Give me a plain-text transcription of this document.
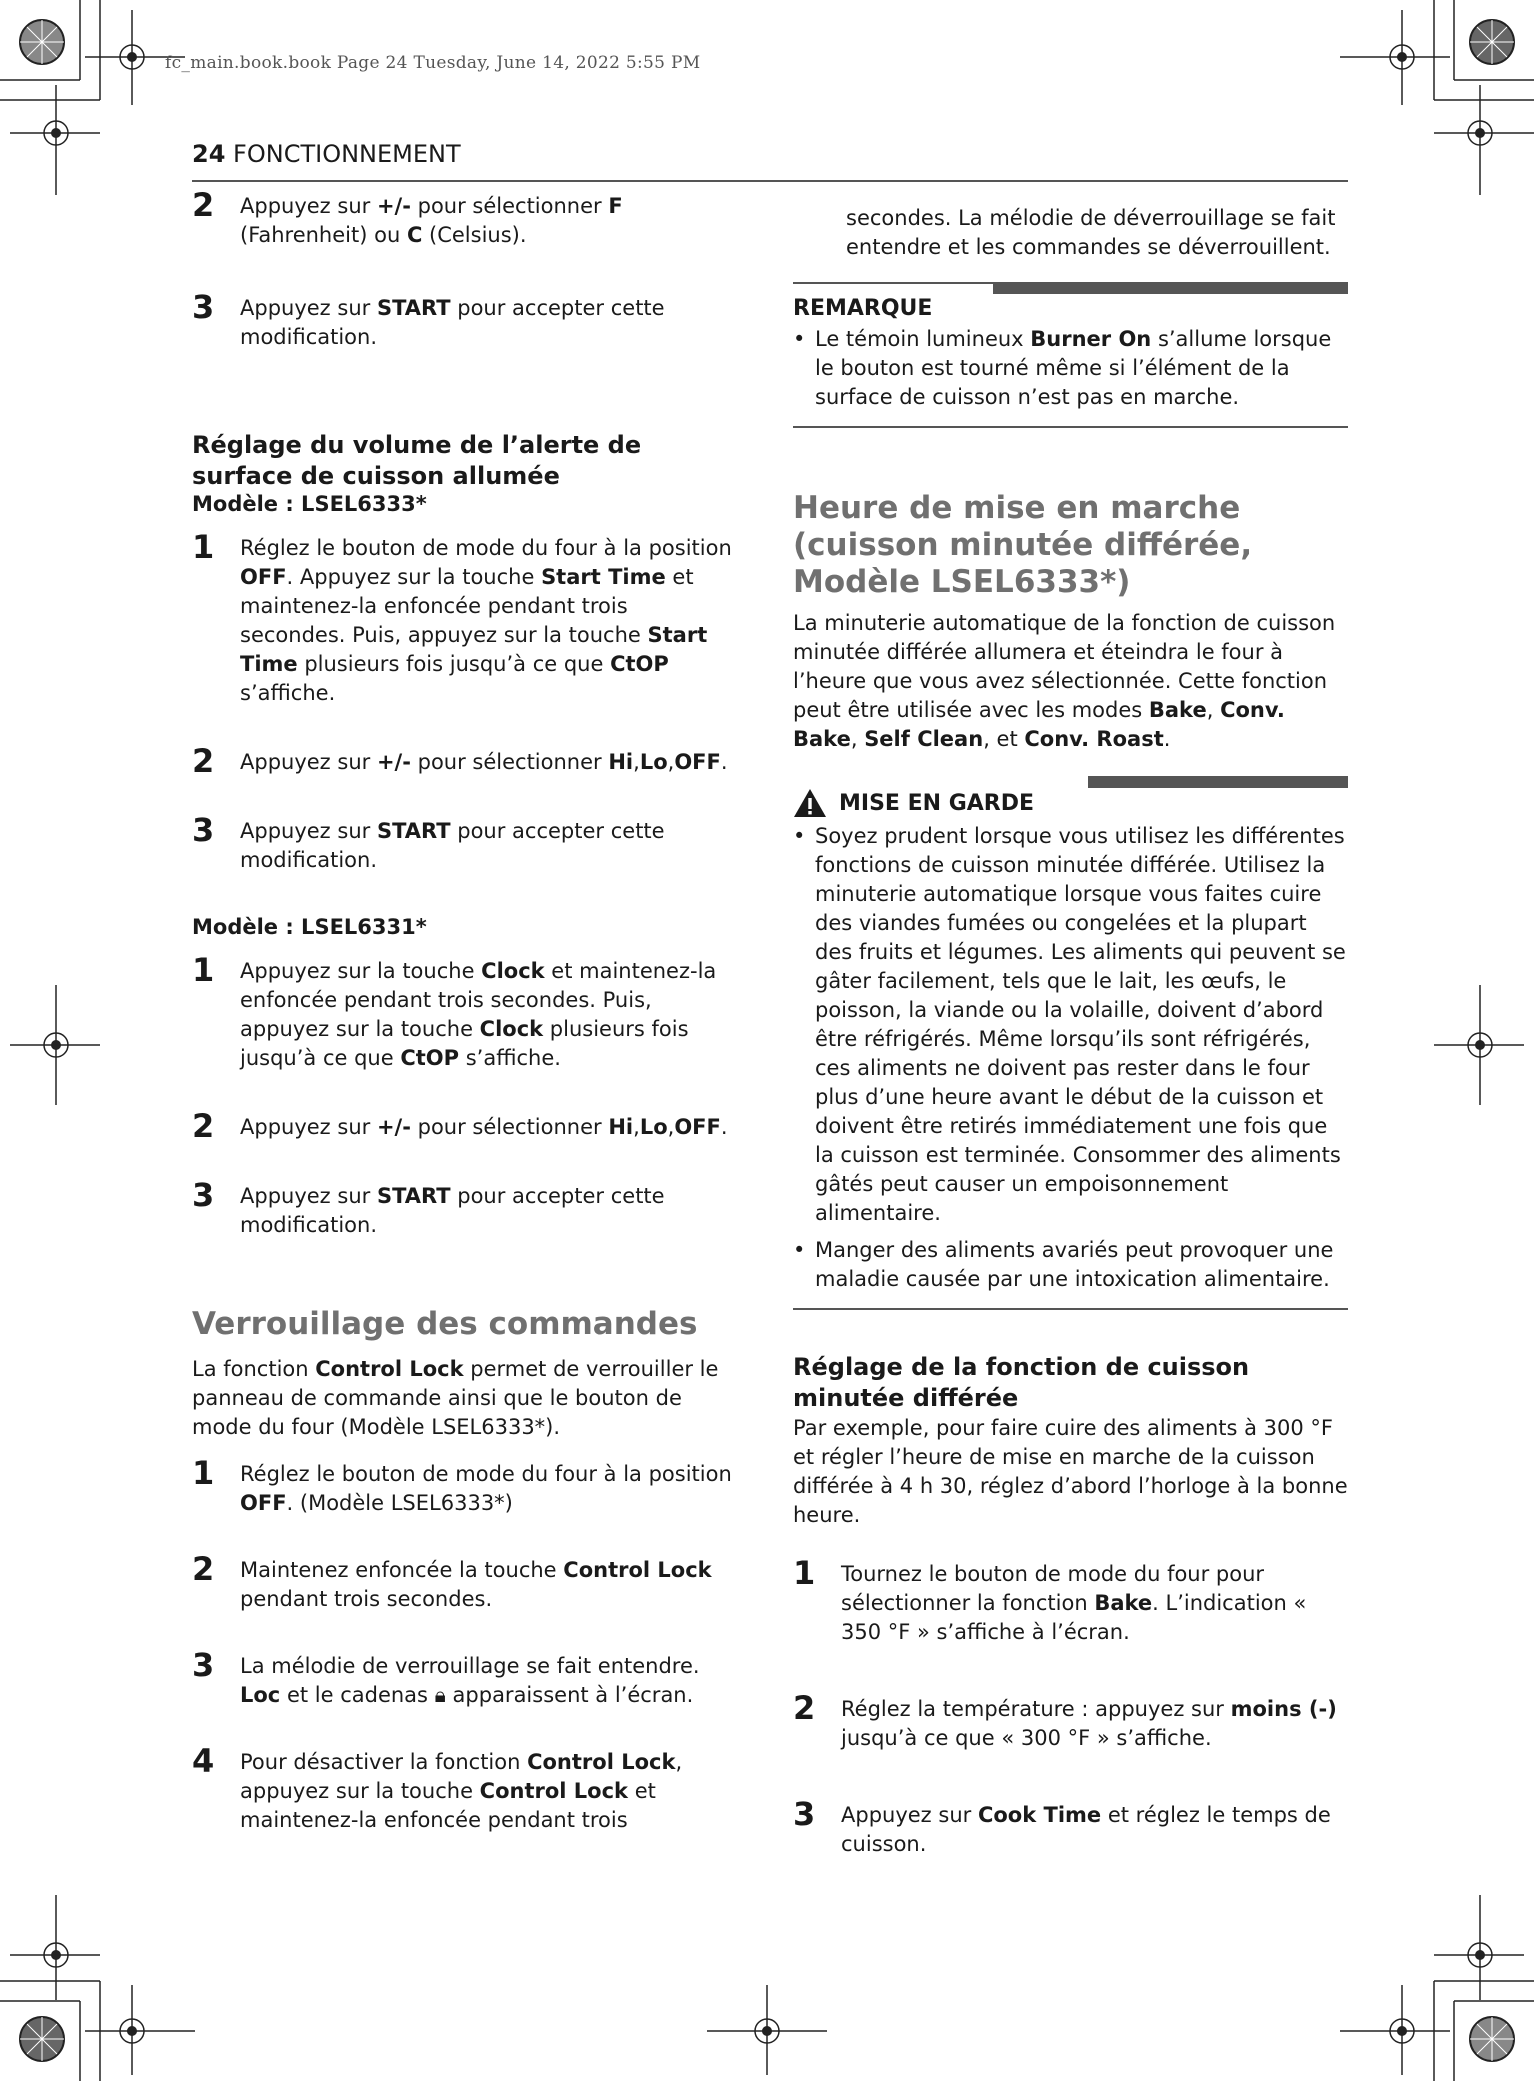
fc_main.book.book Page 24 Tuesday, June 14, 2022 5:55 PM
24 FONCTIONNEMENT
2 Appuyez sur +/- pour sélectionner F (Fahrenheit) ou C (Celsius).

3 Appuyez sur START pour accepter cette modification.

Réglage du volume de l’alerte de surface de cuisson allumée

Modèle : LSEL6333*

1 Réglez le bouton de mode du four à la position OFF. Appuyez sur la touche Start Time et maintenez-la enfoncée pendant trois secondes. Puis, appuyez sur la touche Start Time plusieurs fois jusqu’à ce que CtOP s’affiche.

2 Appuyez sur +/- pour sélectionner Hi,Lo,OFF.

3 Appuyez sur START pour accepter cette modification.

Modèle : LSEL6331*

1 Appuyez sur la touche Clock et maintenez-la enfoncée pendant trois secondes. Puis, appuyez sur la touche Clock plusieurs fois jusqu’à ce que CtOP s’affiche.

2 Appuyez sur +/- pour sélectionner Hi,Lo,OFF.

3 Appuyez sur START pour accepter cette modification.

Verrouillage des commandes

La fonction Control Lock permet de verrouiller le panneau de commande ainsi que le bouton de mode du four (Modèle LSEL6333*).

1 Réglez le bouton de mode du four à la position OFF. (Modèle LSEL6333*)

2 Maintenez enfoncée la touche Control Lock pendant trois secondes.

3 La mélodie de verrouillage se fait entendre. Loc et le cadenas 🔒︎ apparaissent à l’écran.

4 Pour désactiver la fonction Control Lock, appuyez sur la touche Control Lock et maintenez-la enfoncée pendant trois

secondes. La mélodie de déverrouillage se fait entendre et les commandes se déverrouillent.

REMARQUE

• Le témoin lumineux Burner On s’allume lorsque le bouton est tourné même si l’élément de la surface de cuisson n’est pas en marche.

Heure de mise en marche (cuisson minutée différée, Modèle LSEL6333*)

La minuterie automatique de la fonction de cuisson minutée différée allumera et éteindra le four à l’heure que vous avez sélectionnée. Cette fonction peut être utilisée avec les modes Bake, Conv. Bake, Self Clean, et Conv. Roast.

MISE EN GARDE

• Soyez prudent lorsque vous utilisez les différentes fonctions de cuisson minutée différée. Utilisez la minuterie automatique lorsque vous faites cuire des viandes fumées ou congelées et la plupart des fruits et légumes. Les aliments qui peuvent se gâter facilement, tels que le lait, les œufs, le poisson, la viande ou la volaille, doivent d’abord être réfrigérés. Même lorsqu’ils sont réfrigérés, ces aliments ne doivent pas rester dans le four plus d’une heure avant le début de la cuisson et doivent être retirés immédiatement une fois que la cuisson est terminée. Consommer des aliments gâtés peut causer un empoisonnement alimentaire.

• Manger des aliments avariés peut provoquer une maladie causée par une intoxication alimentaire.

Réglage de la fonction de cuisson minutée différée

Par exemple, pour faire cuire des aliments à 300 °F et régler l’heure de mise en marche de la cuisson différée à 4 h 30, réglez d’abord l’horloge à la bonne heure.

1 Tournez le bouton de mode du four pour sélectionner la fonction Bake. L’indication « 350 °F » s’affiche à l’écran.

2 Réglez la température : appuyez sur moins (-) jusqu’à ce que « 300 °F » s’affiche.

3 Appuyez sur Cook Time et réglez le temps de cuisson.
